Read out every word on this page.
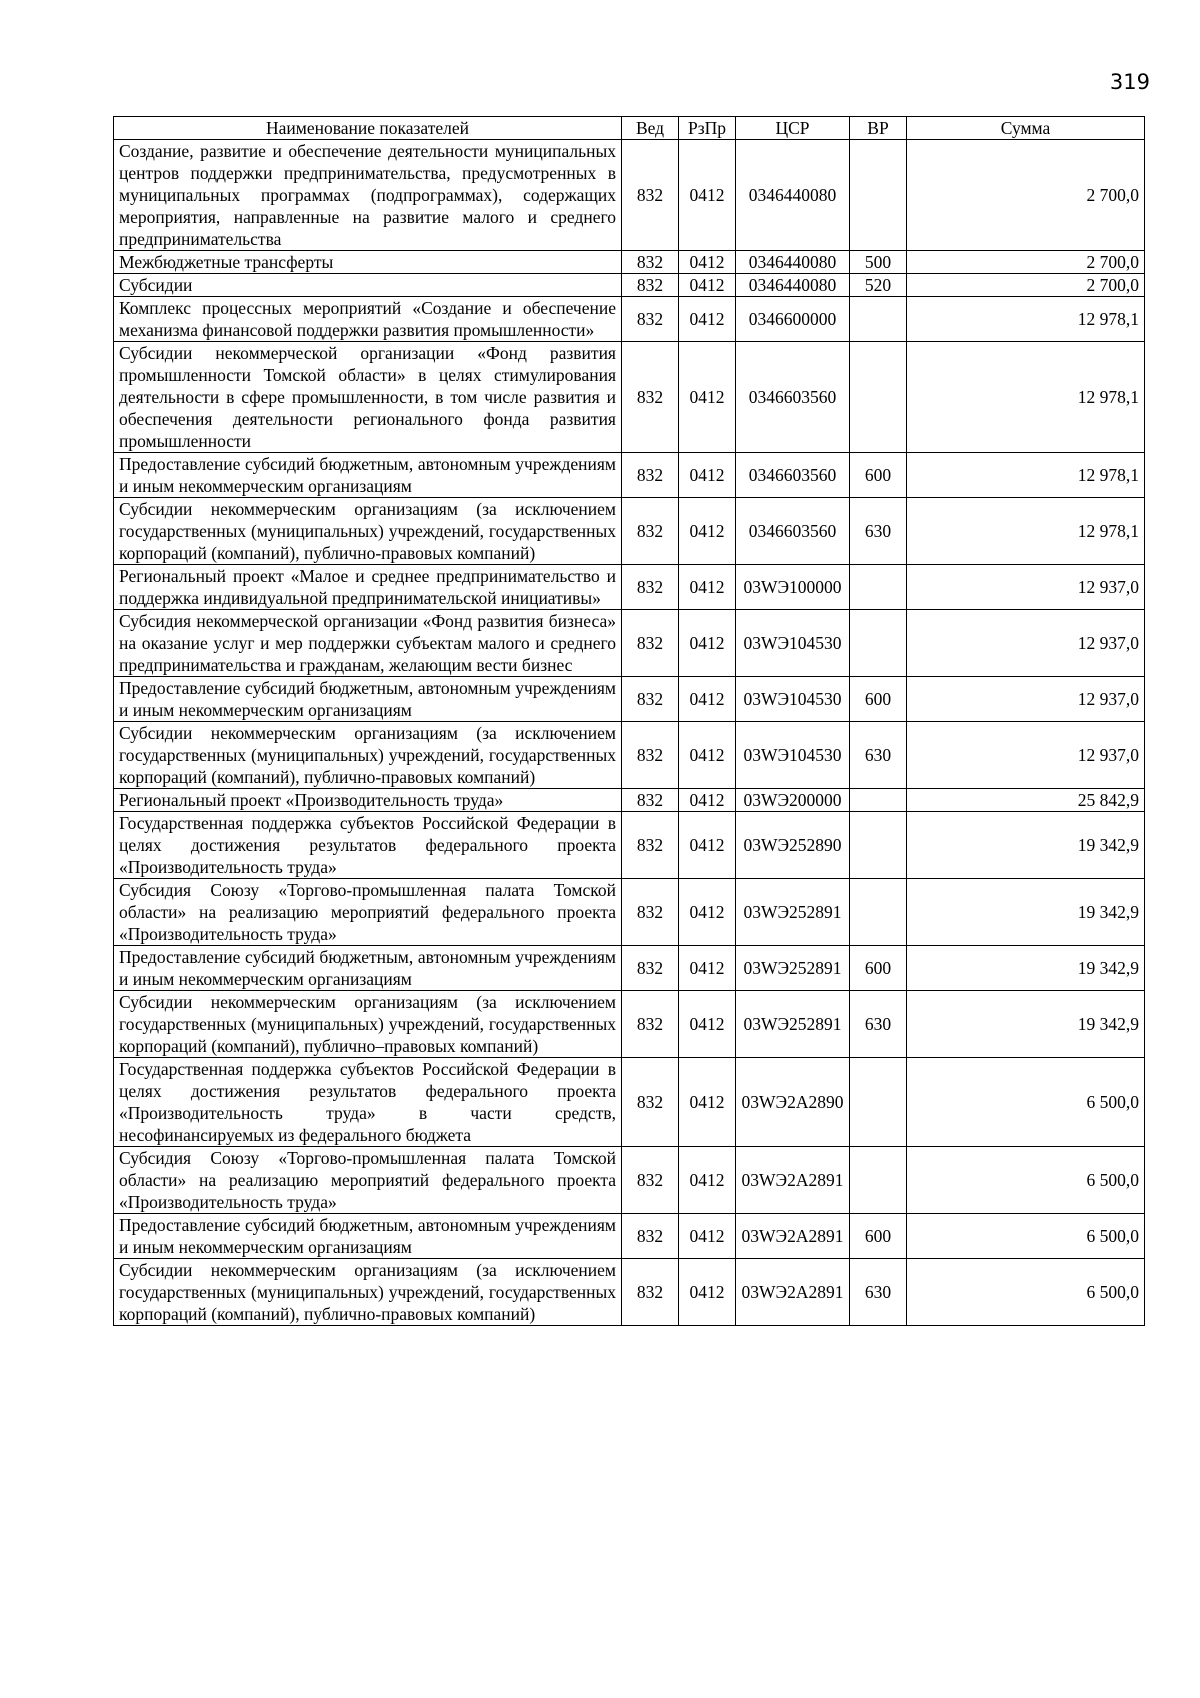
319
Наименование показателей	Вед	РзПр	ЦСР	ВР	Сумма
Создание, развитие и обеспечение деятельности муниципальных центров поддержки предпринимательства, предусмотренных в муниципальных программах (подпрограммах), содержащих мероприятия, направленные на развитие малого и среднего предпринимательства	832	0412	0346440080		2 700,0
Межбюджетные трансферты	832	0412	0346440080	500	2 700,0
Субсидии	832	0412	0346440080	520	2 700,0
Комплекс процессных мероприятий «Создание и обеспечение механизма финансовой поддержки развития промышленности»	832	0412	0346600000		12 978,1
Субсидии некоммерческой организации «Фонд развития промышленности Томской области» в целях стимулирования деятельности в сфере промышленности, в том числе развития и обеспечения деятельности регионального фонда развития промышленности	832	0412	0346603560		12 978,1
Предоставление субсидий бюджетным, автономным учреждениям и иным некоммерческим организациям	832	0412	0346603560	600	12 978,1
Субсидии некоммерческим организациям (за исключением государственных (муниципальных) учреждений, государственных корпораций (компаний), публично-правовых компаний)	832	0412	0346603560	630	12 978,1
Региональный проект «Малое и среднее предпринимательство и поддержка индивидуальной предпринимательской инициативы»	832	0412	03WЭ100000		12 937,0
Субсидия некоммерческой организации «Фонд развития бизнеса» на оказание услуг и мер поддержки субъектам малого и среднего предпринимательства и гражданам, желающим вести бизнес	832	0412	03WЭ104530		12 937,0
Предоставление субсидий бюджетным, автономным учреждениям и иным некоммерческим организациям	832	0412	03WЭ104530	600	12 937,0
Субсидии некоммерческим организациям (за исключением государственных (муниципальных) учреждений, государственных корпораций (компаний), публично-правовых компаний)	832	0412	03WЭ104530	630	12 937,0
Региональный проект «Производительность труда»	832	0412	03WЭ200000		25 842,9
Государственная поддержка субъектов Российской Федерации в целях достижения результатов федерального проекта «Производительность труда»	832	0412	03WЭ252890		19 342,9
Субсидия Союзу «Торгово-промышленная палата Томской области» на реализацию мероприятий федерального проекта «Производительность труда»	832	0412	03WЭ252891		19 342,9
Предоставление субсидий бюджетным, автономным учреждениям и иным некоммерческим организациям	832	0412	03WЭ252891	600	19 342,9
Субсидии некоммерческим организациям (за исключением государственных (муниципальных) учреждений, государственных корпораций (компаний), публично–правовых компаний)	832	0412	03WЭ252891	630	19 342,9
Государственная поддержка субъектов Российской Федерации в целях достижения результатов федерального проекта «Производительность труда» в части средств, несофинансируемых из федерального бюджета	832	0412	03WЭ2А2890		6 500,0
Субсидия Союзу «Торгово-промышленная палата Томской области» на реализацию мероприятий федерального проекта «Производительность труда»	832	0412	03WЭ2А2891		6 500,0
Предоставление субсидий бюджетным, автономным учреждениям и иным некоммерческим организациям	832	0412	03WЭ2А2891	600	6 500,0
Субсидии некоммерческим организациям (за исключением государственных (муниципальных) учреждений, государственных корпораций (компаний), публично-правовых компаний)	832	0412	03WЭ2А2891	630	6 500,0
